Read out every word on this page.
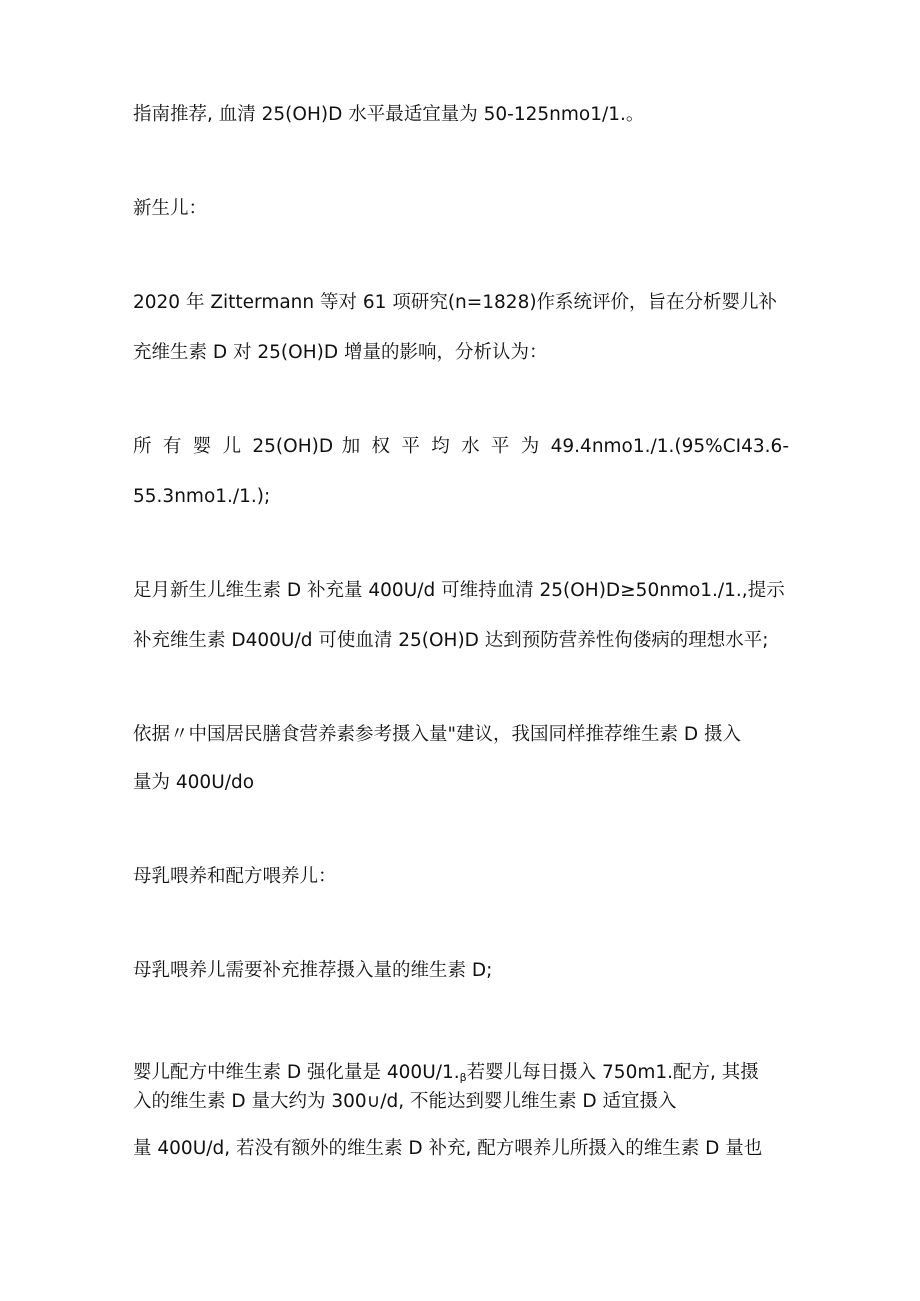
指南推荐, 血清 25(OH)D 水平最适宜量为 50-125nmo1∕1.。
新生儿：
2020 年 Zittermann 等对 61 项研究(n=1828)作系统评价，旨在分析婴儿补
充维生素 D 对 25(OH)D 增量的影响，分析认为：
所 有 婴 儿 25(OH)D 加 权 平 均 水 平 为 49.4nmo1./1.(95%CI43.6-
55.3nmo1./1.);
足月新生儿维生素 D 补充量 400U/d 可维持血清 25(OH)D≥50nmo1./1.,提示
补充维生素 D400U/d 可使血清 25(OH)D 达到预防营养性佝偻病的理想水平;
依据〃中国居民膳食营养素参考摄入量"建议，我国同样推荐维生素 D 摄入
量为 400U/do
母乳喂养和配方喂养儿：
母乳喂养儿需要补充推荐摄入量的维生素 D;
婴儿配方中维生素 D 强化量是 $400U∕1._\beta$若婴儿每日摄入 750m1.配方, 其摄
入的维生素 D 量大约为 300∪∕d, 不能达到婴儿维生素 D 适宜摄入
量 400U/d, 若没有额外的维生素 D 补充, 配方喂养儿所摄入的维生素 D 量也
